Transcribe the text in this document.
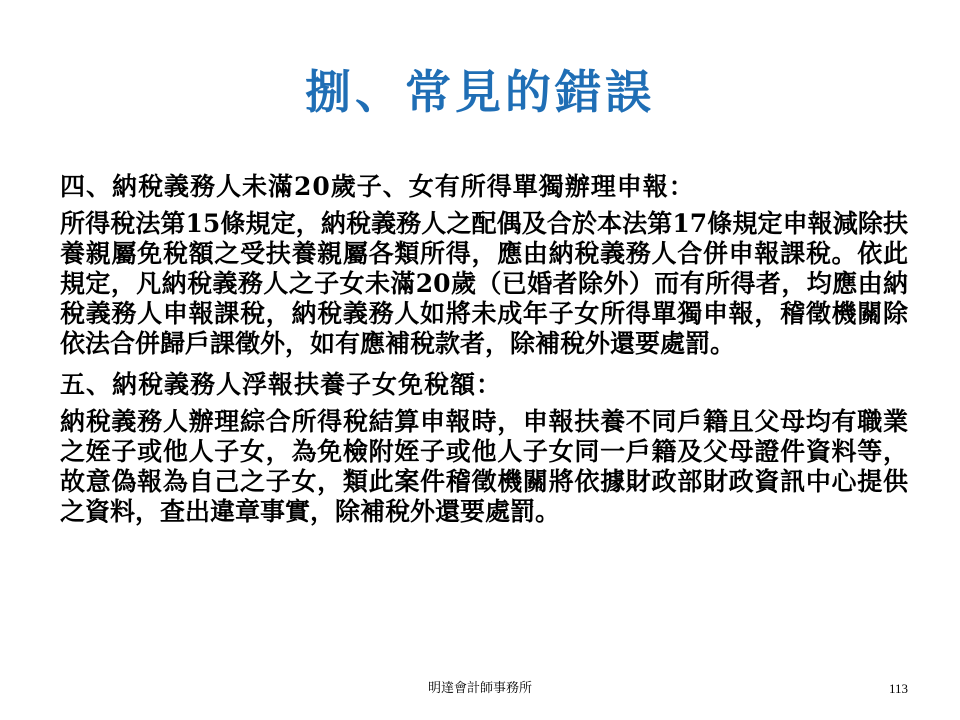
捌、常見的錯誤
四、納稅義務人未滿20歲子、女有所得單獨辦理申報：
所得稅法第15條規定，納稅義務人之配偶及合於本法第17條規定申報減除扶養親屬免稅額之受扶養親屬各類所得，應由納稅義務人合併申報課稅。依此規定，凡納稅義務人之子女未滿20歲（已婚者除外）而有所得者，均應由納稅義務人申報課稅，納稅義務人如將未成年子女所得單獨申報，稽徵機關除依法合併歸戶課徵外，如有應補稅款者，除補稅外還要處罰。
五、納稅義務人浮報扶養子女免稅額：
納稅義務人辦理綜合所得稅結算申報時，申報扶養不同戶籍且父母均有職業之姪子或他人子女，為免檢附姪子或他人子女同一戶籍及父母證件資料等，故意偽報為自己之子女，類此案件稽徵機關將依據財政部財政資訊中心提供之資料，查出違章事實，除補稅外還要處罰。
明達會計師事務所	113
